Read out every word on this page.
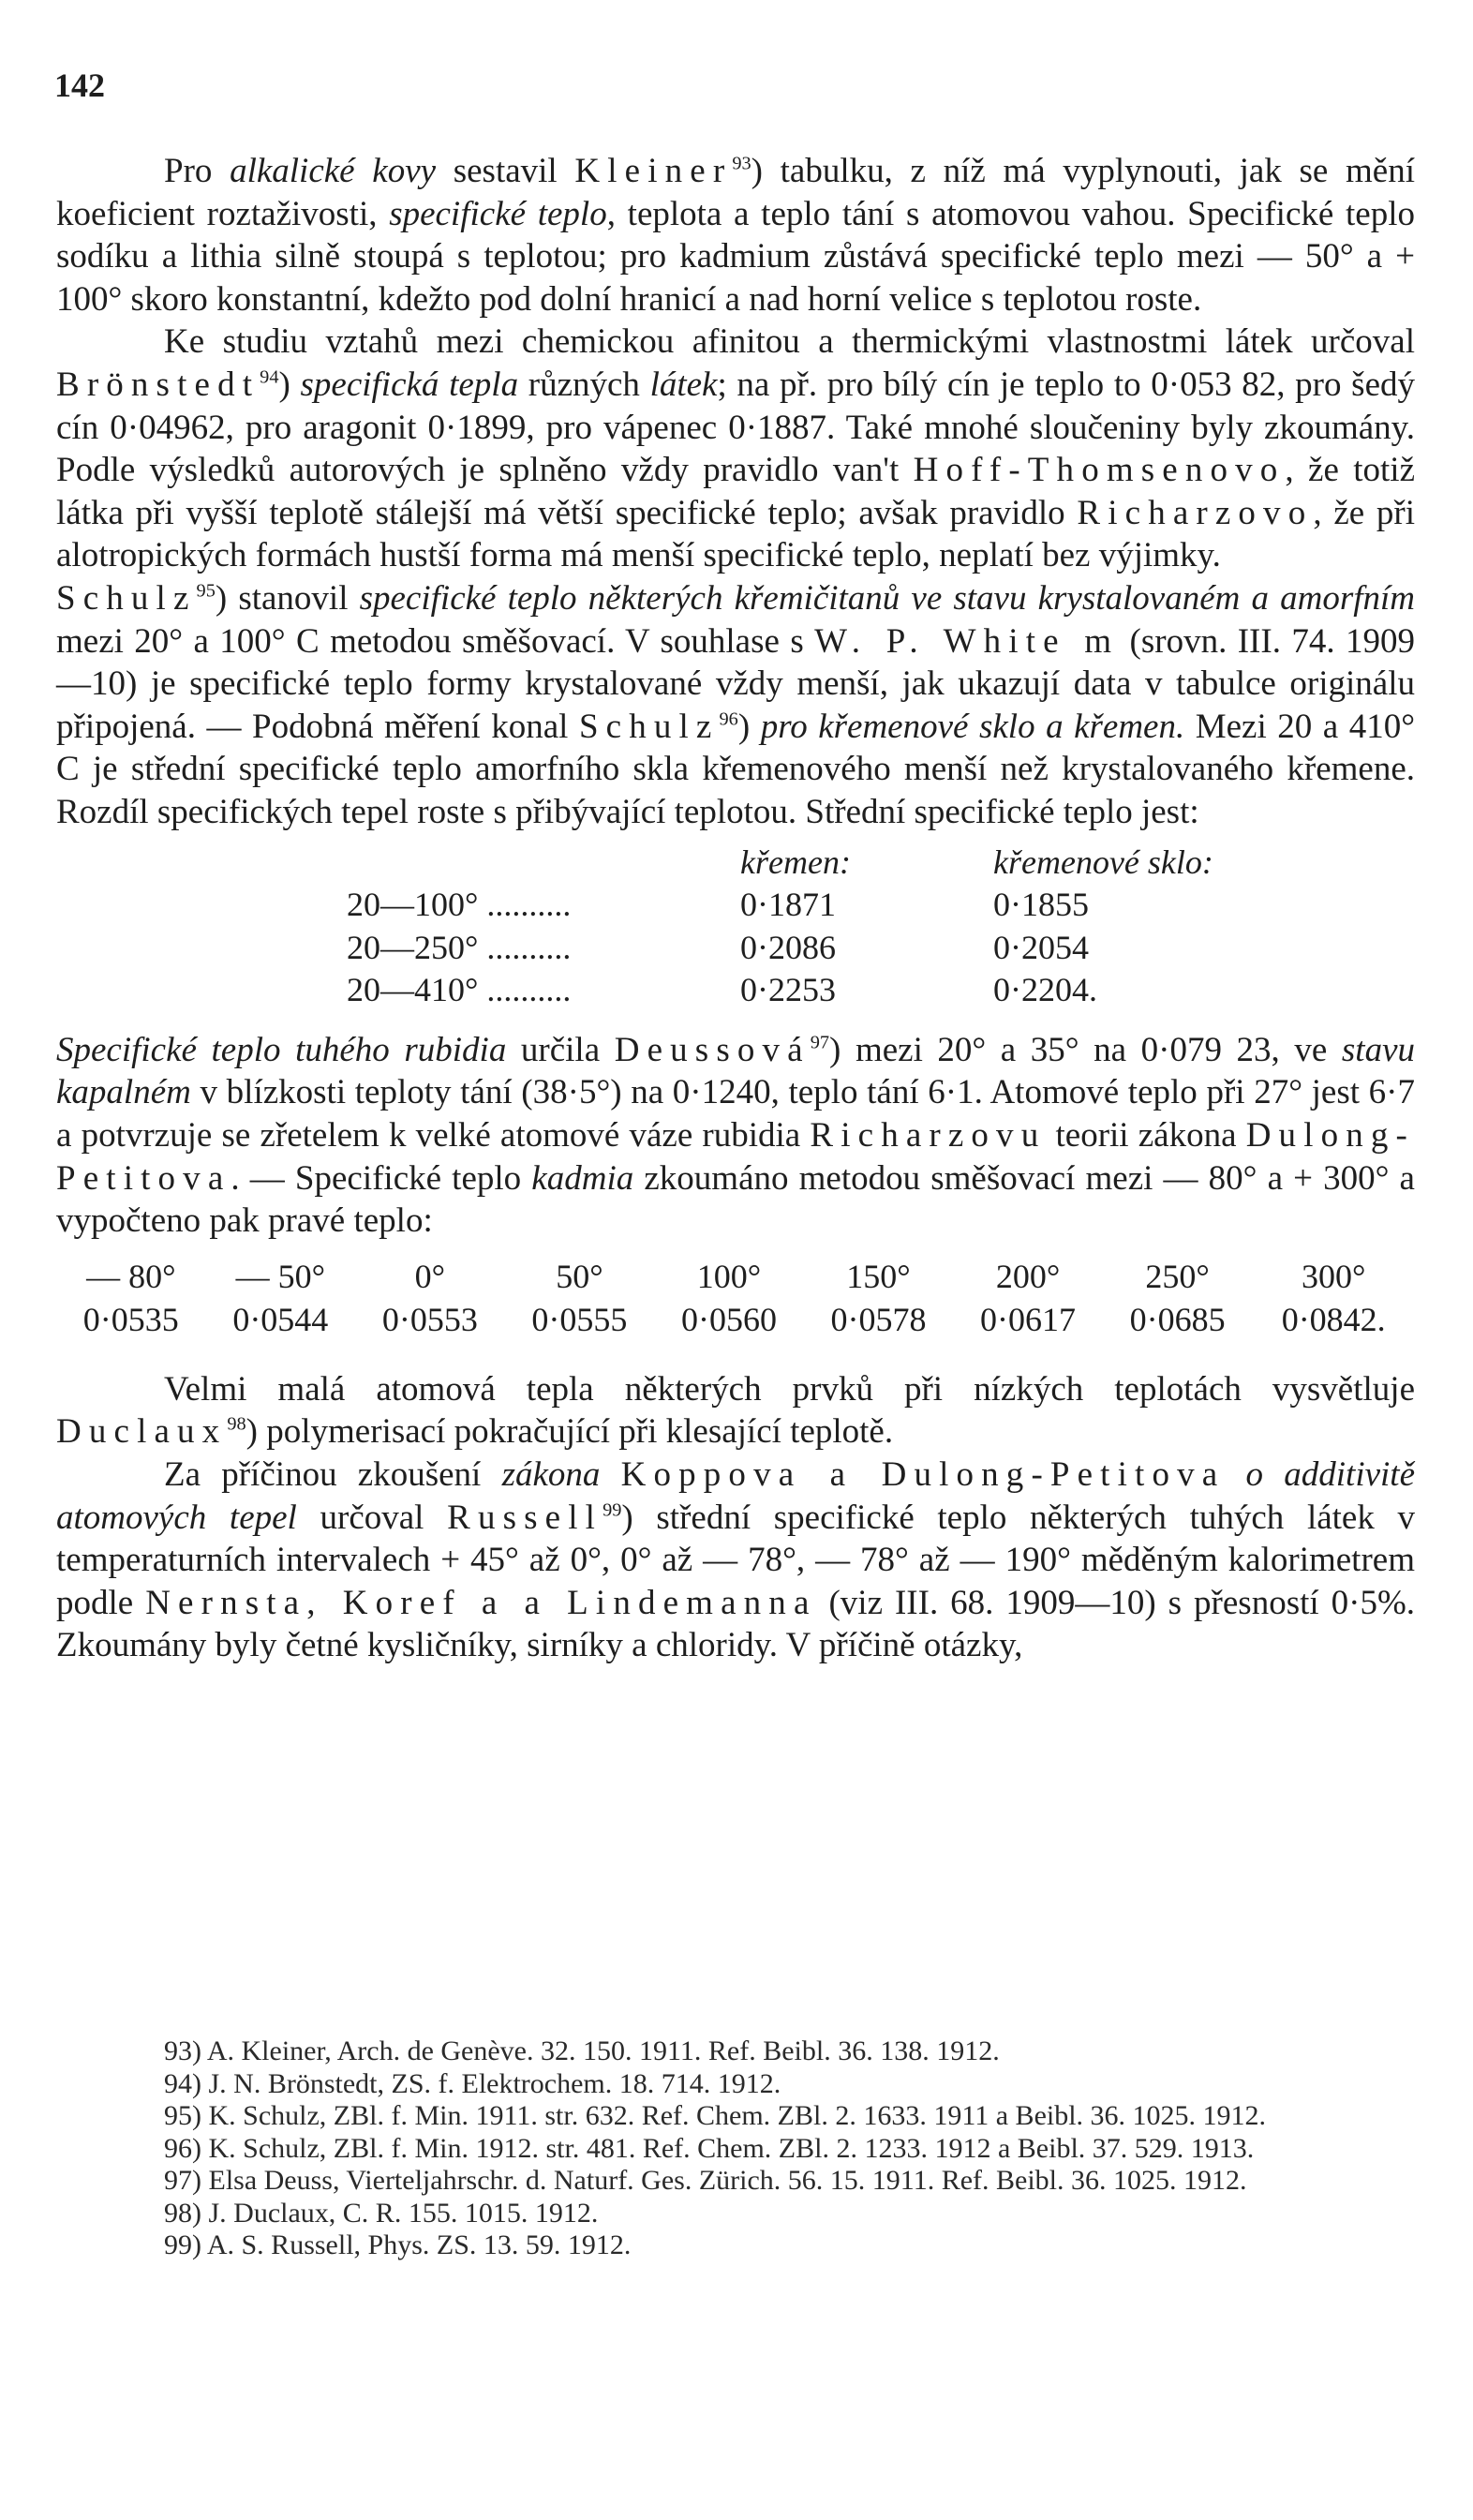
142

Pro alkalické kovy sestavil Kleiner$^{93}$) tabulku, z níž má vyplynouti, jak se mění koeficient roztaživosti, specifické teplo, teplota a teplo tání s atomovou vahou. Specifické teplo sodíku a lithia silně stoupá s teplotou; pro kadmium zůstává specifické teplo mezi — 50° a + 100° skoro konstantní, kdežto pod dolní hranicí a nad horní velice s teplotou roste.

Ke studiu vztahů mezi chemickou afinitou a thermickými vlastnostmi látek určoval Brönstedt$^{94}$) specifická tepla různých látek; na př. pro bílý cín je teplo to 0·053 82, pro šedý cín 0·04962, pro aragonit 0·1899, pro vápenec 0·1887. Také mnohé sloučeniny byly zkoumány. Podle výsledků autorových je splněno vždy pravidlo van't Hoff-Thomsenovo, že totiž látka při vyšší teplotě stálejší má větší specifické teplo; avšak pravidlo Richarzovo, že při alotropických formách hustší forma má menší specifické teplo, neplatí bez výjimky.

Schulz$^{95}$) stanovil specifické teplo některých křemičitanů ve stavu krystalovaném a amorfním mezi 20° a 100° C metodou směšovací. V souhlase s W. P. White m (srovn. III. 74. 1909—10) je specifické teplo formy krystalované vždy menší, jak ukazují data v tabulce originálu připojená. — Podobná měření konal Schulz$^{96}$) pro křemenové sklo a křemen. Mezi 20 a 410° C je střední specifické teplo amorfního skla křemenového menší než krystalovaného křemene. Rozdíl specifických tepel roste s přibývající teplotou. Střední specifické teplo jest:

	křemen:	křemenové sklo:
20—100° ..........	0·1871	0·1855
20—250° ..........	0·2086	0·2054
20—410° ..........	0·2253	0·2204.

Specifické teplo tuhého rubidia určila Deussová$^{97}$) mezi 20° a 35° na 0·079 23, ve stavu kapalném v blízkosti teploty tání (38·5°) na 0·1240, teplo tání 6·1. Atomové teplo při 27° jest 6·7 a potvrzuje se zřetelem k velké atomové váze rubidia Richarzovu teorii zákona Dulong-Petitova. — Specifické teplo kadmia zkoumáno metodou směšovací mezi — 80° a + 300° a vypočteno pak pravé teplo:

— 80°	— 50°	0°	50°	100°	150°	200°	250°	300°
0·0535	0·0544	0·0553	0·0555	0·0560	0·0578	0·0617	0·0685	0·0842.

Velmi malá atomová tepla některých prvků při nízkých teplotách vysvětluje Duclaux$^{98}$) polymerisací pokračující při klesající teplotě.

Za příčinou zkoušení zákona Koppova a Dulong-Petitova o additivitě atomových tepel určoval Russell$^{99}$) střední specifické teplo některých tuhých látek v temperaturních intervalech + 45° až 0°, 0° až — 78°, — 78° až — 190° měděným kalorimetrem podle Nernsta, Koref a a Lindemanna (viz III. 68. 1909—10) s přesností 0·5%. Zkoumány byly četné kysličníky, sirníky a chloridy. V příčině otázky,

93) A. Kleiner, Arch. de Genève. 32. 150. 1911. Ref. Beibl. 36. 138. 1912.

94) J. N. Brönstedt, ZS. f. Elektrochem. 18. 714. 1912.

95) K. Schulz, ZBl. f. Min. 1911. str. 632. Ref. Chem. ZBl. 2. 1633. 1911 a Beibl. 36. 1025. 1912.

96) K. Schulz, ZBl. f. Min. 1912. str. 481. Ref. Chem. ZBl. 2. 1233. 1912 a Beibl. 37. 529. 1913.

97) Elsa Deuss, Vierteljahrschr. d. Naturf. Ges. Zürich. 56. 15. 1911. Ref. Beibl. 36. 1025. 1912.

98) J. Duclaux, C. R. 155. 1015. 1912.

99) A. S. Russell, Phys. ZS. 13. 59. 1912.
